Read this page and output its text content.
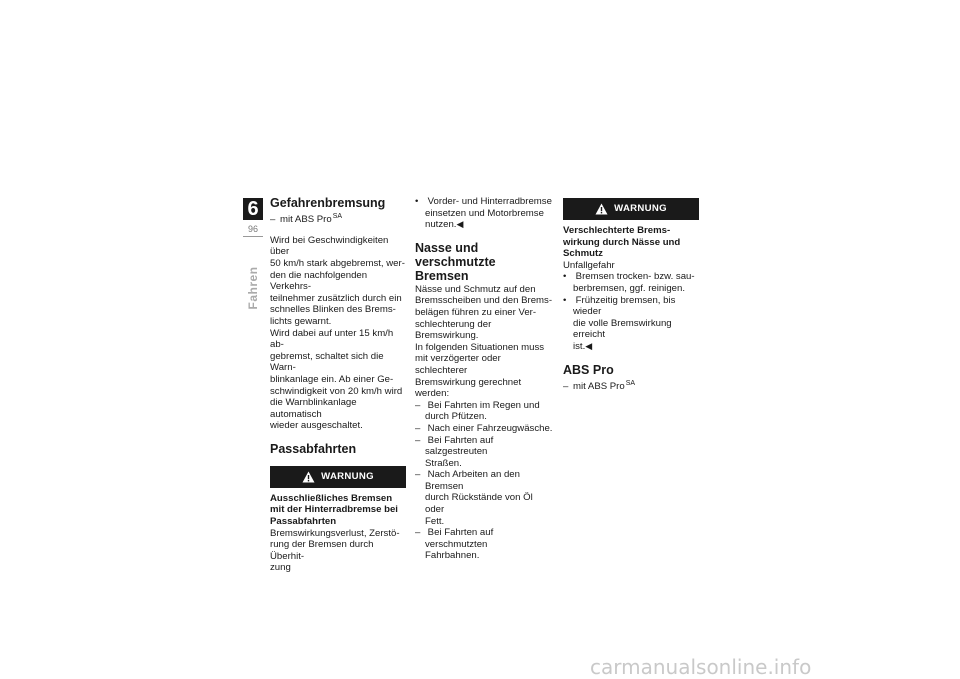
6
96
Fahren
Gefahrenbremsung

– mit ABS Pro$^{SA}$

Wird bei Geschwindigkeiten über
50 km/h stark abgebremst, wer-
den die nachfolgenden Verkehrs-
teilnehmer zusätzlich durch ein
schnelles Blinken des Brems-
lichts gewarnt.
Wird dabei auf unter 15 km/h ab-
gebremst, schaltet sich die Warn-
blinkanlage ein. Ab einer Ge-
schwindigkeit von 20 km/h wird
die Warnblinkanlage automatisch
wieder ausgeschaltet.

Passabfahrten
WARNUNG

Ausschließliches Bremsen
mit der Hinterradbremse bei
Passabfahrten

Bremswirkungsverlust, Zerstö-
rung der Bremsen durch Überhit-
zung

• Vorder- und Hinterradbremse
einsetzen und Motorbremse
nutzen.◀

Nasse und verschmutzte
Bremsen

Nässe und Schmutz auf den
Bremsscheiben und den Brems-
belägen führen zu einer Ver-
schlechterung der Bremswirkung.
In folgenden Situationen muss
mit verzögerter oder schlechterer
Bremswirkung gerechnet werden:

– Bei Fahrten im Regen und
durch Pfützen.

– Nach einer Fahrzeugwäsche.

– Bei Fahrten auf salzgestreuten
Straßen.

– Nach Arbeiten an den Bremsen
durch Rückstände von Öl oder
Fett.

– Bei Fahrten auf verschmutzten
Fahrbahnen.

WARNUNG

Verschlechterte Brems-
wirkung durch Nässe und
Schmutz

Unfallgefahr

• Bremsen trocken- bzw. sau-
berbremsen, ggf. reinigen.

• Frühzeitig bremsen, bis wieder
die volle Bremswirkung erreicht
ist.◀

ABS Pro

– mit ABS Pro$^{SA}$

carmanualsonline.info
